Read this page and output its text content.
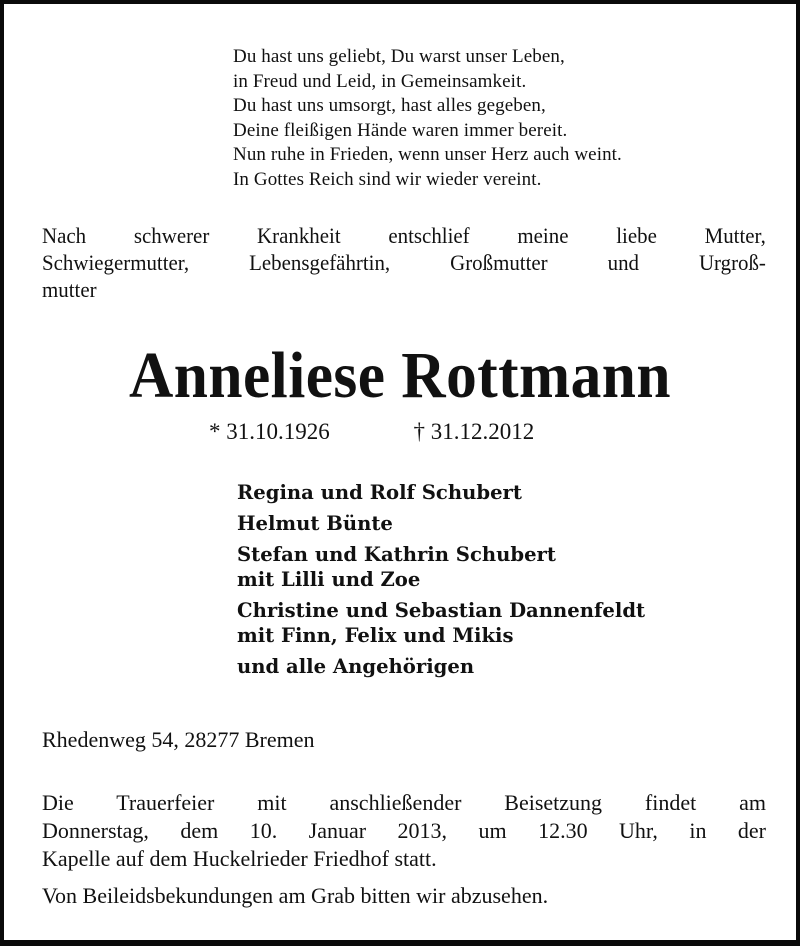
Du hast uns geliebt, Du warst unser Leben,
in Freud und Leid, in Gemeinsamkeit.
Du hast uns umsorgt, hast alles gegeben,
Deine fleißigen Hände waren immer bereit.
Nun ruhe in Frieden, wenn unser Herz auch weint.
In Gottes Reich sind wir wieder vereint.
Nach schwerer Krankheit entschlief meine liebe Mutter,
Schwiegermutter, Lebensgefährtin, Großmutter und Urgroß-
mutter
Anneliese Rottmann
* 31.10.1926	† 31.12.2012
Regina und Rolf Schubert
Helmut Bünte
Stefan und Kathrin Schubert
mit Lilli und Zoe
Christine und Sebastian Dannenfeldt
mit Finn, Felix und Mikis
und alle Angehörigen
Rhedenweg 54, 28277 Bremen
Die Trauerfeier mit anschließender Beisetzung findet am
Donnerstag, dem 10. Januar 2013, um 12.30 Uhr, in der
Kapelle auf dem Huckelrieder Friedhof statt.
Von Beileidsbekundungen am Grab bitten wir abzusehen.
